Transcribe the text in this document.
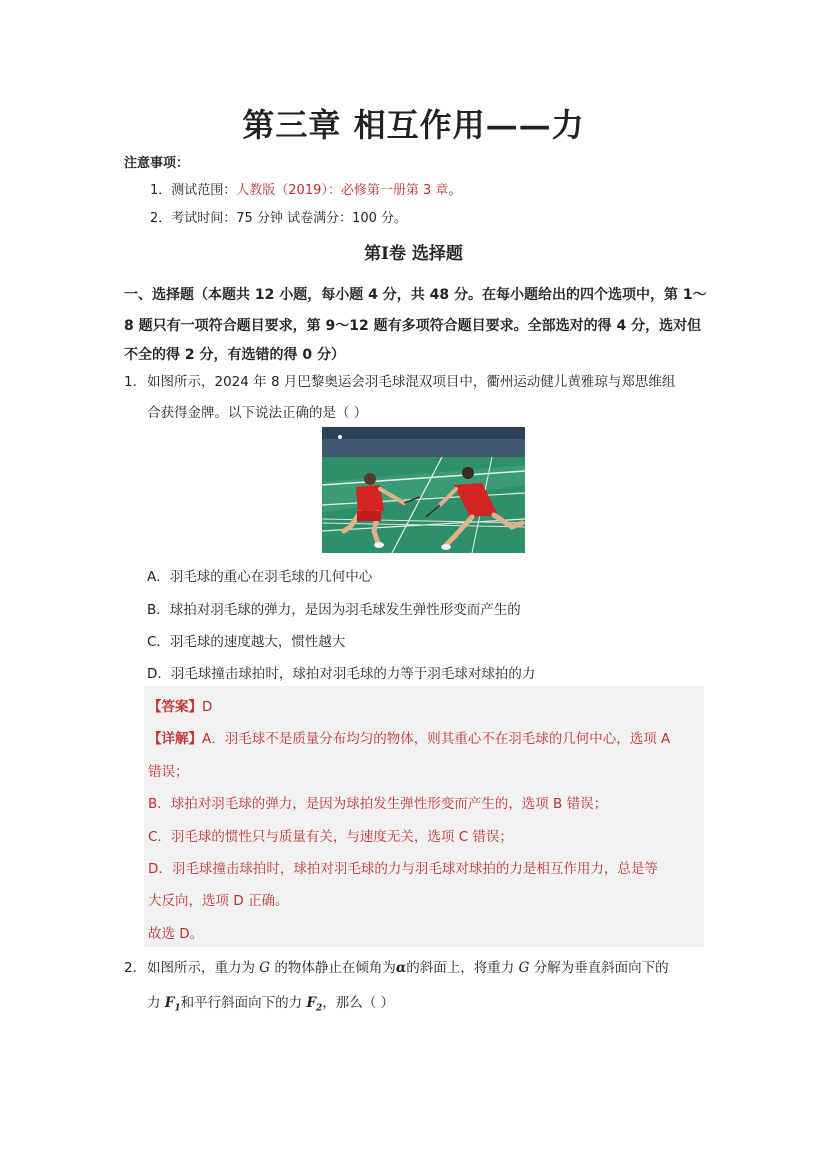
第三章 相互作用——力
注意事项：
1．测试范围：人教版（2019）：必修第一册第 3 章。
2．考试时间：75 分钟 试卷满分：100 分。
第Ⅰ卷 选择题
一、选择题（本题共 12 小题，每小题 4 分，共 48 分。在每小题给出的四个选项中，第 1～
8 题只有一项符合题目要求，第 9～12 题有多项符合题目要求。全部选对的得 4 分，选对但
不全的得 2 分，有选错的得 0 分）
1． 如图所示，2024 年 8 月巴黎奥运会羽毛球混双项目中，衢州运动健儿黄雅琼与郑思维组
合获得金牌。以下说法正确的是（ ）
A．羽毛球的重心在羽毛球的几何中心
B．球拍对羽毛球的弹力，是因为羽毛球发生弹性形变而产生的
C．羽毛球的速度越大，惯性越大
D．羽毛球撞击球拍时，球拍对羽毛球的力等于羽毛球对球拍的力
【答案】D
【详解】A．羽毛球不是质量分布均匀的物体，则其重心不在羽毛球的几何中心，选项 A
错误；
B．球拍对羽毛球的弹力，是因为球拍发生弹性形变而产生的，选项 B 错误；
C．羽毛球的惯性只与质量有关，与速度无关，选项 C 错误；
D．羽毛球撞击球拍时，球拍对羽毛球的力与羽毛球对球拍的力是相互作用力，总是等
大反向，选项 D 正确。
故选 D。
2． 如图所示，重力为 G 的物体静止在倾角为α的斜面上，将重力 G 分解为垂直斜面向下的
力 $F_1$和平行斜面向下的力 $F_2$，那么（ ）
